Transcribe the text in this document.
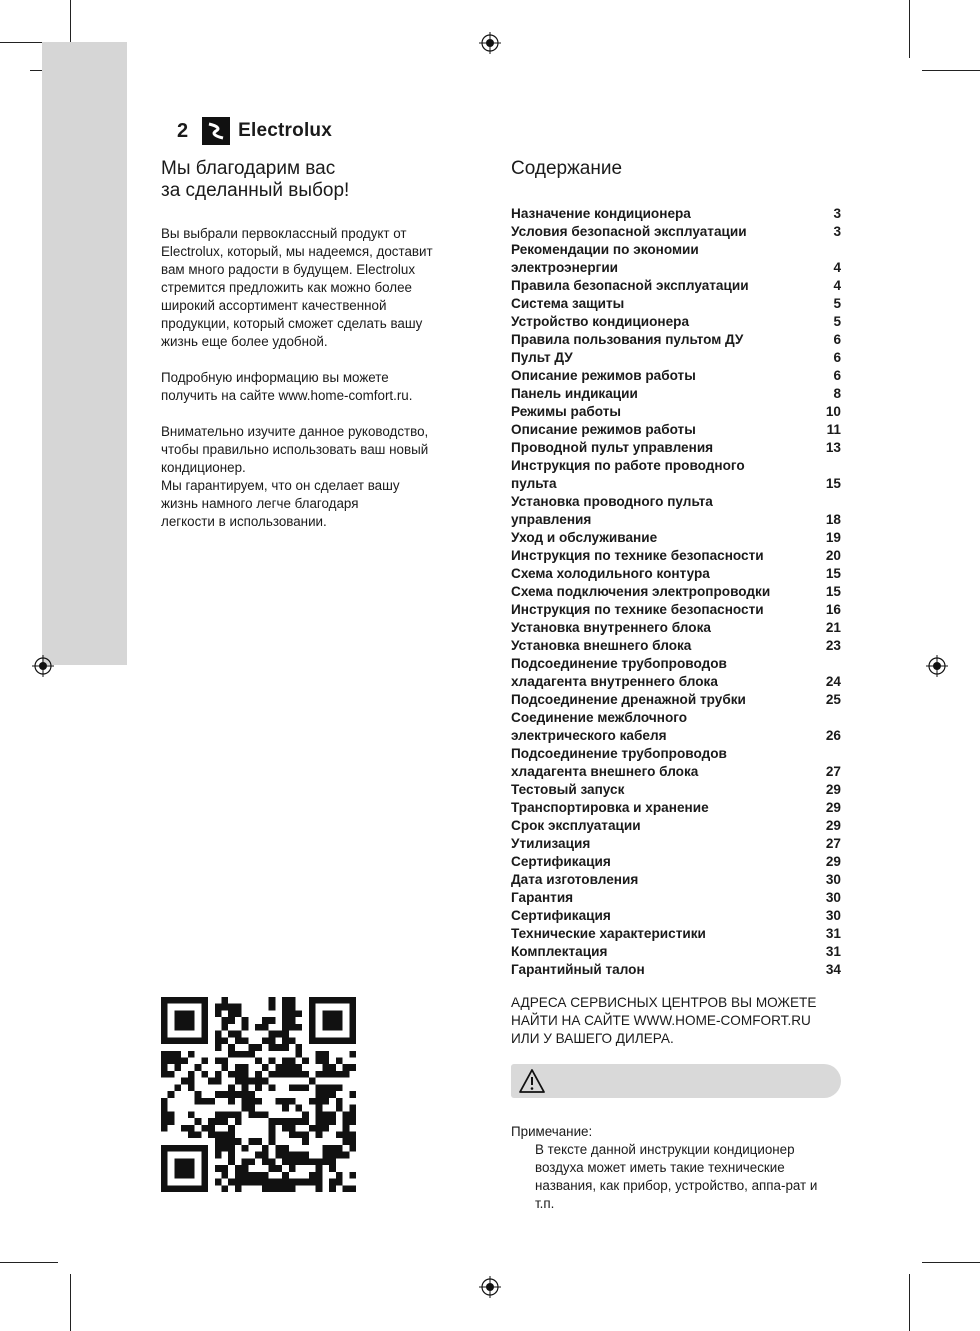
2	Electrolux
Мы благодарим вас
за сделанный выбор!

Вы выбрали первоклассный продукт от
Electrolux, который, мы надеемся, доставит
вам много радости в будущем. Electrolux
стремится предложить как можно более
широкий ассортимент качественной
продукции, который сможет сделать вашу
жизнь еще более удобной.

Подробную информацию вы можете
получить на сайте www.home-comfort.ru.

Внимательно изучите данное руководство,
чтобы правильно использовать ваш новый
кондиционер.
Мы гарантируем, что он сделает вашу
жизнь намного легче благодаря
легкости в использовании.

Содержание
Назначение кондиционера	3
Условия безопасной эксплуатации	3
Рекомендации по экономии
электроэнергии	4
Правила безопасной эксплуатации	4
Система защиты	5
Устройство кондиционера	5
Правила пользования пультом ДУ	6
Пульт ДУ	6
Описание режимов работы	6
Панель индикации	8
Режимы работы	10
Описание режимов работы	11
Проводной пульт управления	13
Инструкция по работе проводного
пульта	15
Установка проводного пульта
управления	18
Уход и обслуживание	19
Инструкция по технике безопасности	20
Схема холодильного контура	15
Схема подключения электропроводки	15
Инструкция по технике безопасности	16
Установка внутреннего блока	21
Установка внешнего блока	23
Подсоединение трубопроводов
хладагента внутреннего блока	24
Подсоединение дренажной трубки	25
Соединение межблочного
электрического кабеля	26
Подсоединение трубопроводов
хладагента внешнего блока	27
Тестовый запуск	29
Транспортировка и хранение	29
Срок эксплуатации	29
Утилизация	27
Сертификация	29
Дата изготовления	30
Гарантия	30
Сертификация	30
Технические характеристики	31
Комплектация	31
Гарантийный талон	34
АДРЕСА СЕРВИСНЫХ ЦЕНТРОВ ВЫ МОЖЕТЕ
НАЙТИ НА САЙТЕ WWW.HOME-COMFORT.RU
ИЛИ У ВАШЕГО ДИЛЕРА.
Примечание:
В тексте данной инструкции кондиционер воздуха может иметь такие технические названия, как прибор, устройство, аппа-рат и т.п.
